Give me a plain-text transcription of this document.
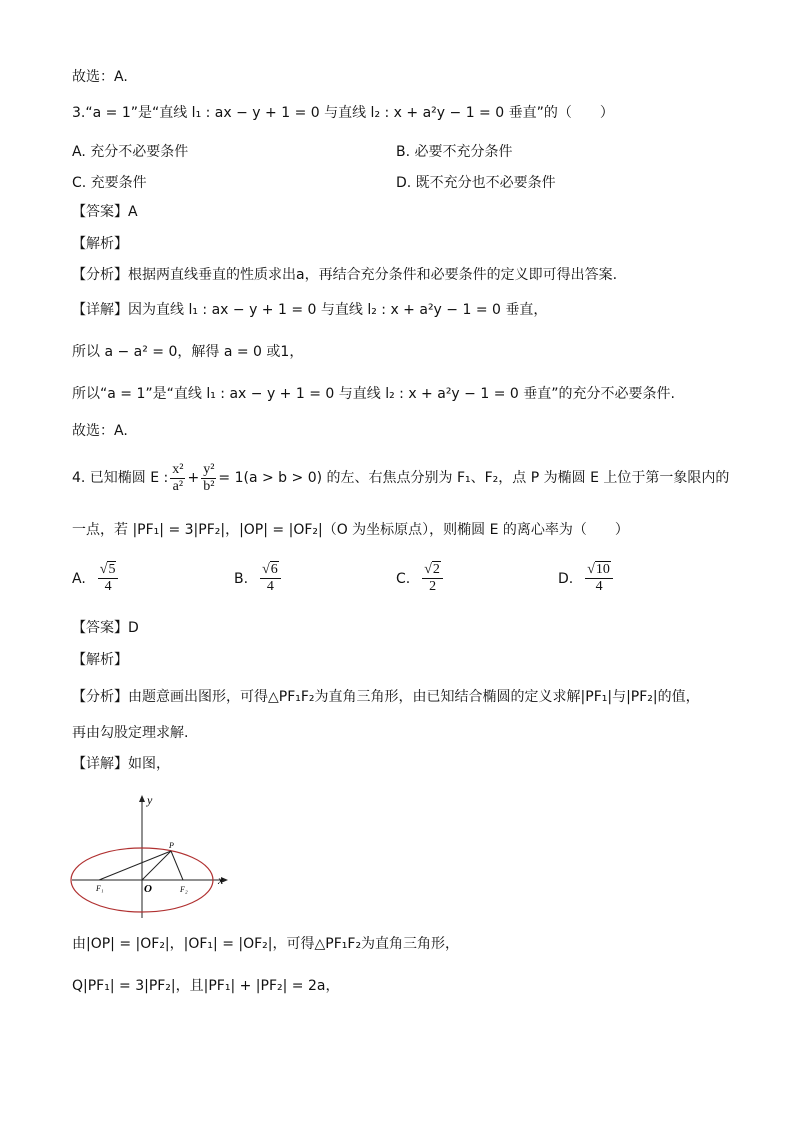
故选：A.
3.“a = 1”是“直线 l₁ : ax − y + 1 = 0 与直线 l₂ : x + a²y − 1 = 0 垂直”的（　　）
A. 充分不必要条件	B. 必要不充分条件
C. 充要条件	D. 既不充分也不必要条件
【答案】A
【解析】
【分析】根据两直线垂直的性质求出a，再结合充分条件和必要条件的定义即可得出答案.
【详解】因为直线 l₁ : ax − y + 1 = 0 与直线 l₂ : x + a²y − 1 = 0 垂直，
所以 a − a² = 0，解得 a = 0 或1，
所以“a = 1”是“直线 l₁ : ax − y + 1 = 0 与直线 l₂ : x + a²y − 1 = 0 垂直”的充分不必要条件.
故选：A.
4. 已知椭圆 E : $\frac{\text{x²}}{\text{a²}} + \frac{\text{y²}}{\text{b²}} = 1(a > b > 0)$ 的左、右焦点分别为 F₁、F₂，点 P 为椭圆 E 上位于第一象限内的
一点，若 |PF₁| = 3|PF₂|，|OP| = |OF₂|（O 为坐标原点），则椭圆 E 的离心率为（　　）
A. $\frac{√5}{4}$	B. $\frac{√6}{4}$	C. $\frac{√2}{2}$	D. $\frac{√10}{4}$
【答案】D
【解析】
【分析】由题意画出图形，可得△PF₁F₂为直角三角形，由已知结合椭圆的定义求解|PF₁|与|PF₂|的值，
再由勾股定理求解.
【详解】如图，
y
x
O
P
F₁	F₂
由|OP| = |OF₂|，|OF₁| = |OF₂|，可得△PF₁F₂为直角三角形，
Q|PF₁| = 3|PF₂|，且|PF₁| + |PF₂| = 2a，
